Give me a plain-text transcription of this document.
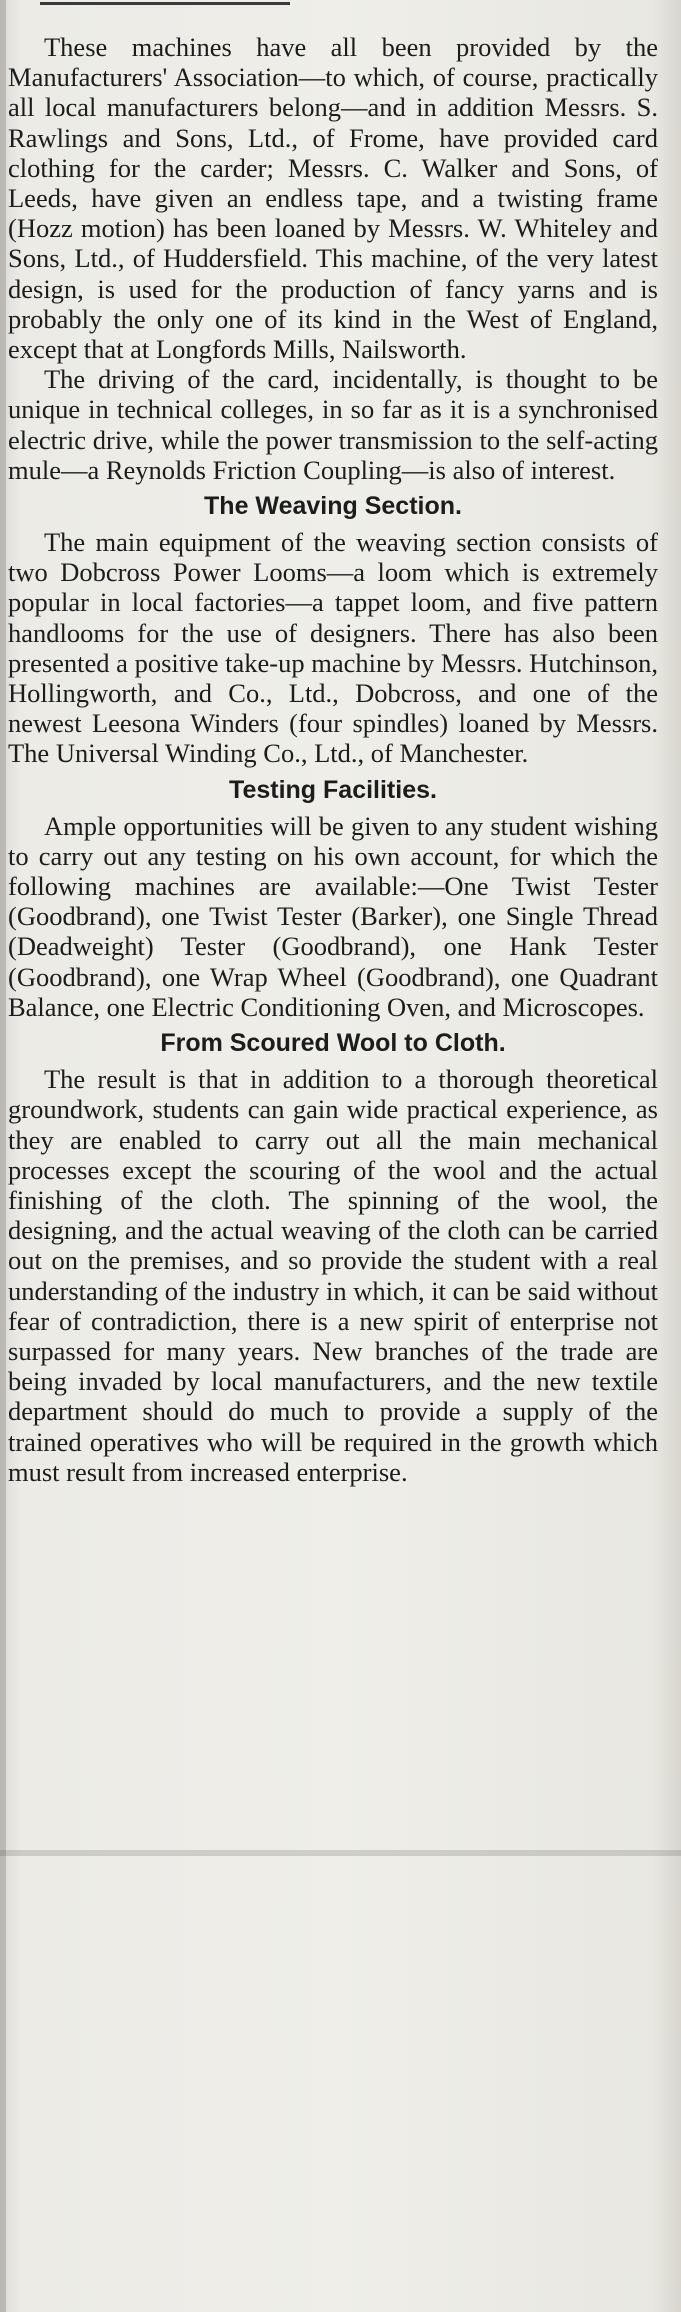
These machines have all been provided by the Manufacturers' Association—to which, of course, practically all local manufacturers belong—and in addition Messrs. S. Rawlings and Sons, Ltd., of Frome, have provided card clothing for the carder; Messrs. C. Walker and Sons, of Leeds, have given an endless tape, and a twisting frame (Hozz motion) has been loaned by Messrs. W. Whiteley and Sons, Ltd., of Huddersfield. This machine, of the very latest design, is used for the production of fancy yarns and is probably the only one of its kind in the West of England, except that at Longfords Mills, Nailsworth.

The driving of the card, incidentally, is thought to be unique in technical colleges, in so far as it is a synchronised electric drive, while the power transmission to the self-acting mule—a Reynolds Friction Coupling—is also of interest.

The Weaving Section.

The main equipment of the weaving section consists of two Dobcross Power Looms—a loom which is extremely popular in local factories—a tappet loom, and five pattern handlooms for the use of designers. There has also been presented a positive take-up machine by Messrs. Hutchinson, Hollingworth, and Co., Ltd., Dobcross, and one of the newest Leesona Winders (four spindles) loaned by Messrs. The Universal Winding Co., Ltd., of Manchester.

Testing Facilities.

Ample opportunities will be given to any student wishing to carry out any testing on his own account, for which the following machines are available:—One Twist Tester (Goodbrand), one Twist Tester (Barker), one Single Thread (Deadweight) Tester (Goodbrand), one Hank Tester (Goodbrand), one Wrap Wheel (Goodbrand), one Quadrant Balance, one Electric Conditioning Oven, and Microscopes.

From Scoured Wool to Cloth.

The result is that in addition to a thorough theoretical groundwork, students can gain wide practical experience, as they are enabled to carry out all the main mechanical processes except the scouring of the wool and the actual finishing of the cloth. The spinning of the wool, the designing, and the actual weaving of the cloth can be carried out on the premises, and so provide the student with a real understanding of the industry in which, it can be said without fear of contradiction, there is a new spirit of enterprise not surpassed for many years. New branches of the trade are being invaded by local manufacturers, and the new textile department should do much to provide a supply of the trained operatives who will be required in the growth which must result from increased enterprise.
